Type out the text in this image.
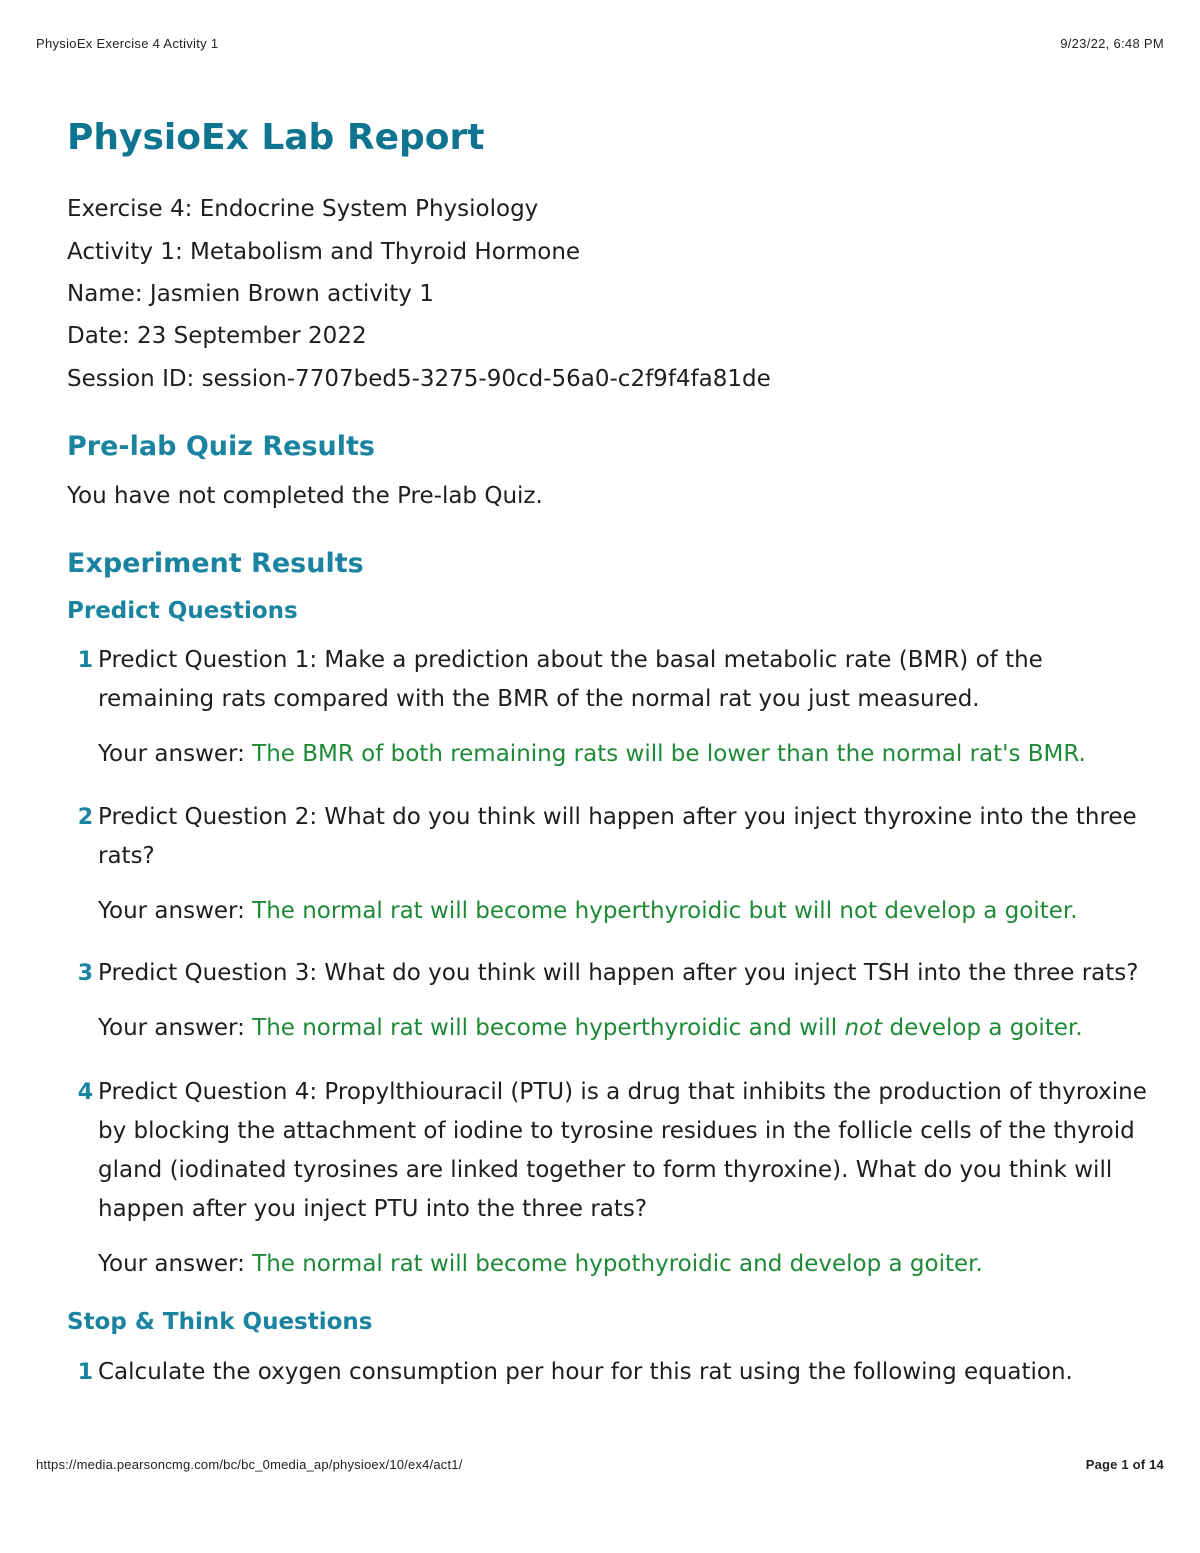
PhysioEx Exercise 4 Activity 1	9/23/22, 6:48 PM
PhysioEx Lab Report
Exercise 4: Endocrine System Physiology
Activity 1: Metabolism and Thyroid Hormone
Name: Jasmien Brown activity 1
Date: 23 September 2022
Session ID: session-7707bed5-3275-90cd-56a0-c2f9f4fa81de
Pre-lab Quiz Results
You have not completed the Pre-lab Quiz.
Experiment Results
Predict Questions
1 Predict Question 1: Make a prediction about the basal metabolic rate (BMR) of the remaining rats compared with the BMR of the normal rat you just measured.
Your answer: The BMR of both remaining rats will be lower than the normal rat's BMR.
2 Predict Question 2: What do you think will happen after you inject thyroxine into the three rats?
Your answer: The normal rat will become hyperthyroidic but will not develop a goiter.
3 Predict Question 3: What do you think will happen after you inject TSH into the three rats?
Your answer: The normal rat will become hyperthyroidic and will not develop a goiter.
4 Predict Question 4: Propylthiouracil (PTU) is a drug that inhibits the production of thyroxine by blocking the attachment of iodine to tyrosine residues in the follicle cells of the thyroid gland (iodinated tyrosines are linked together to form thyroxine). What do you think will happen after you inject PTU into the three rats?
Your answer: The normal rat will become hypothyroidic and develop a goiter.
Stop & Think Questions
1 Calculate the oxygen consumption per hour for this rat using the following equation.
https://media.pearsoncmg.com/bc/bc_0media_ap/physioex/10/ex4/act1/	Page 1 of 14
